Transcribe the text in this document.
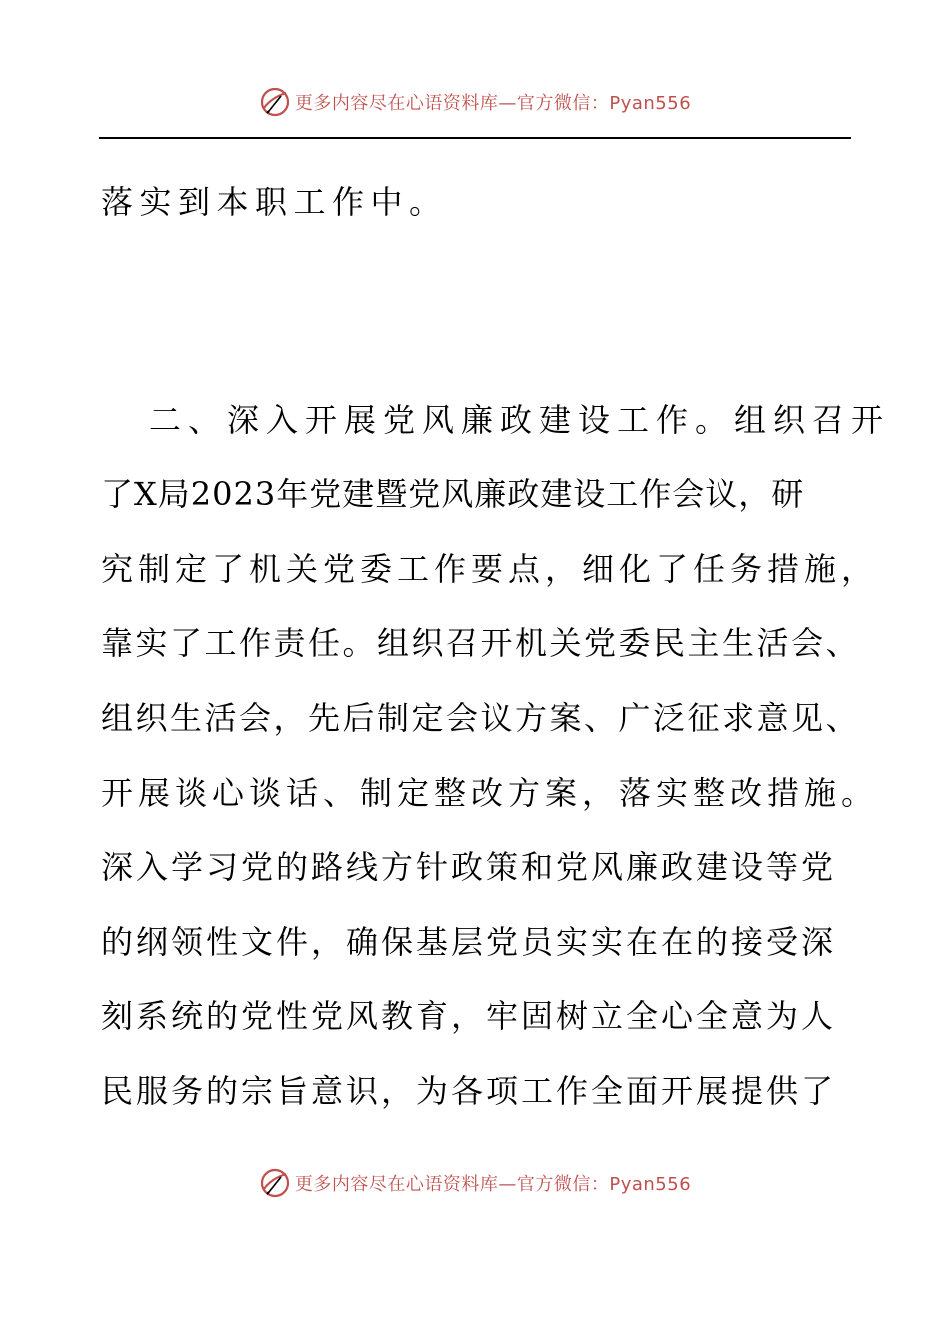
更多内容尽在心语资料库—官方微信：Pyan556
落实到本职工作中。
二、深入开展党风廉政建设工作。组织召开
了X局2023年党建暨党风廉政建设工作会议，研
究制定了机关党委工作要点，细化了任务措施，
靠实了工作责任。组织召开机关党委民主生活会、
组织生活会，先后制定会议方案、广泛征求意见、
开展谈心谈话、制定整改方案，落实整改措施。
深入学习党的路线方针政策和党风廉政建设等党
的纲领性文件，确保基层党员实实在在的接受深
刻系统的党性党风教育，牢固树立全心全意为人
民服务的宗旨意识，为各项工作全面开展提供了
更多内容尽在心语资料库—官方微信：Pyan556
